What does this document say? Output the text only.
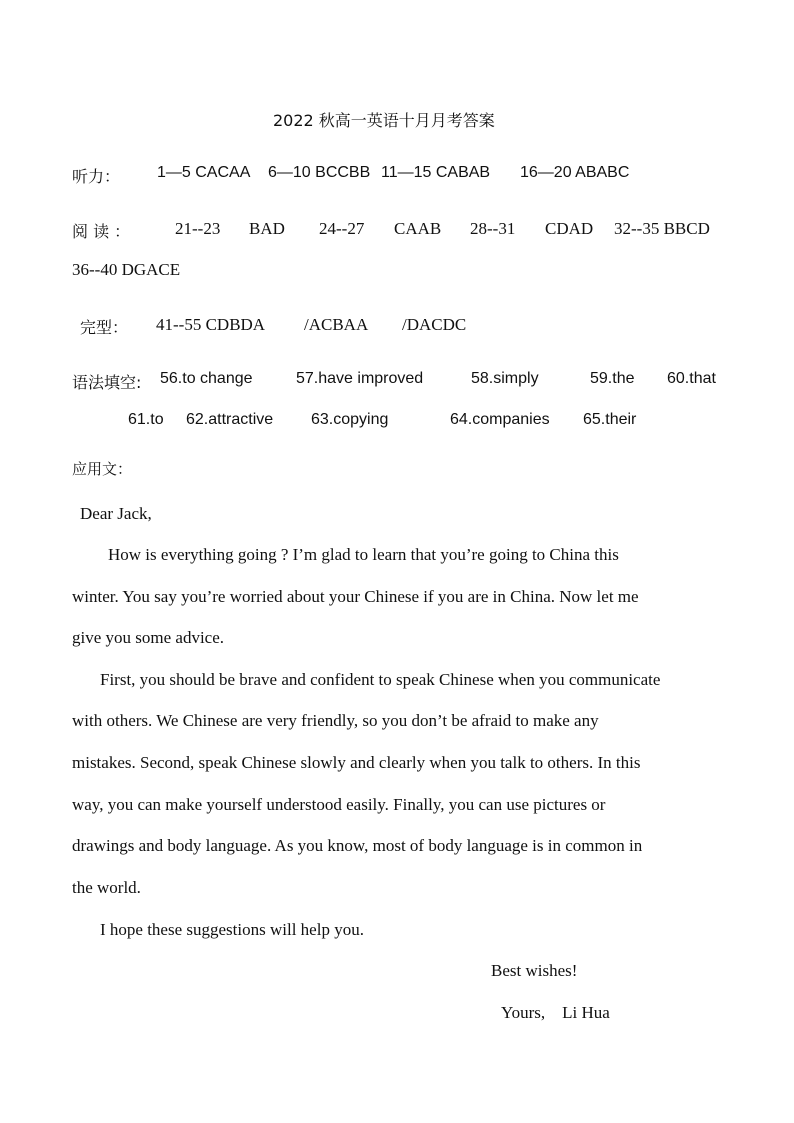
2022 秋高一英语十月月考答案
听力： 1—5 CACAA 6—10 BCCBB 11—15 CABAB 16—20 ABABC
阅 读 ：	21--23 BAD 24--27 CAAB 28--31 CDAD 32--35 BBCD
36--40 DGACE
完型： 41--55 CDBDA /ACBAA /DACDC
语法填空: 56.to change	57.have improved	58.simply	59.the 60.that
61.to 62.attractive 63.copying	64.companies 65.their
应用文：
Dear Jack,
How is everything going ? I’m glad to learn that you’re going to China this
winter. You say you’re worried about your Chinese if you are in China. Now let me
give you some advice.
First, you should be brave and confident to speak Chinese when you communicate
with others. We Chinese are very friendly, so you don’t be afraid to make any
mistakes. Second, speak Chinese slowly and clearly when you talk to others. In this
way, you can make yourself understood easily. Finally, you can use pictures or
drawings and body language. As you know, most of body language is in common in
the world.
I hope these suggestions will help you.
Best wishes!
Yours,    Li Hua
